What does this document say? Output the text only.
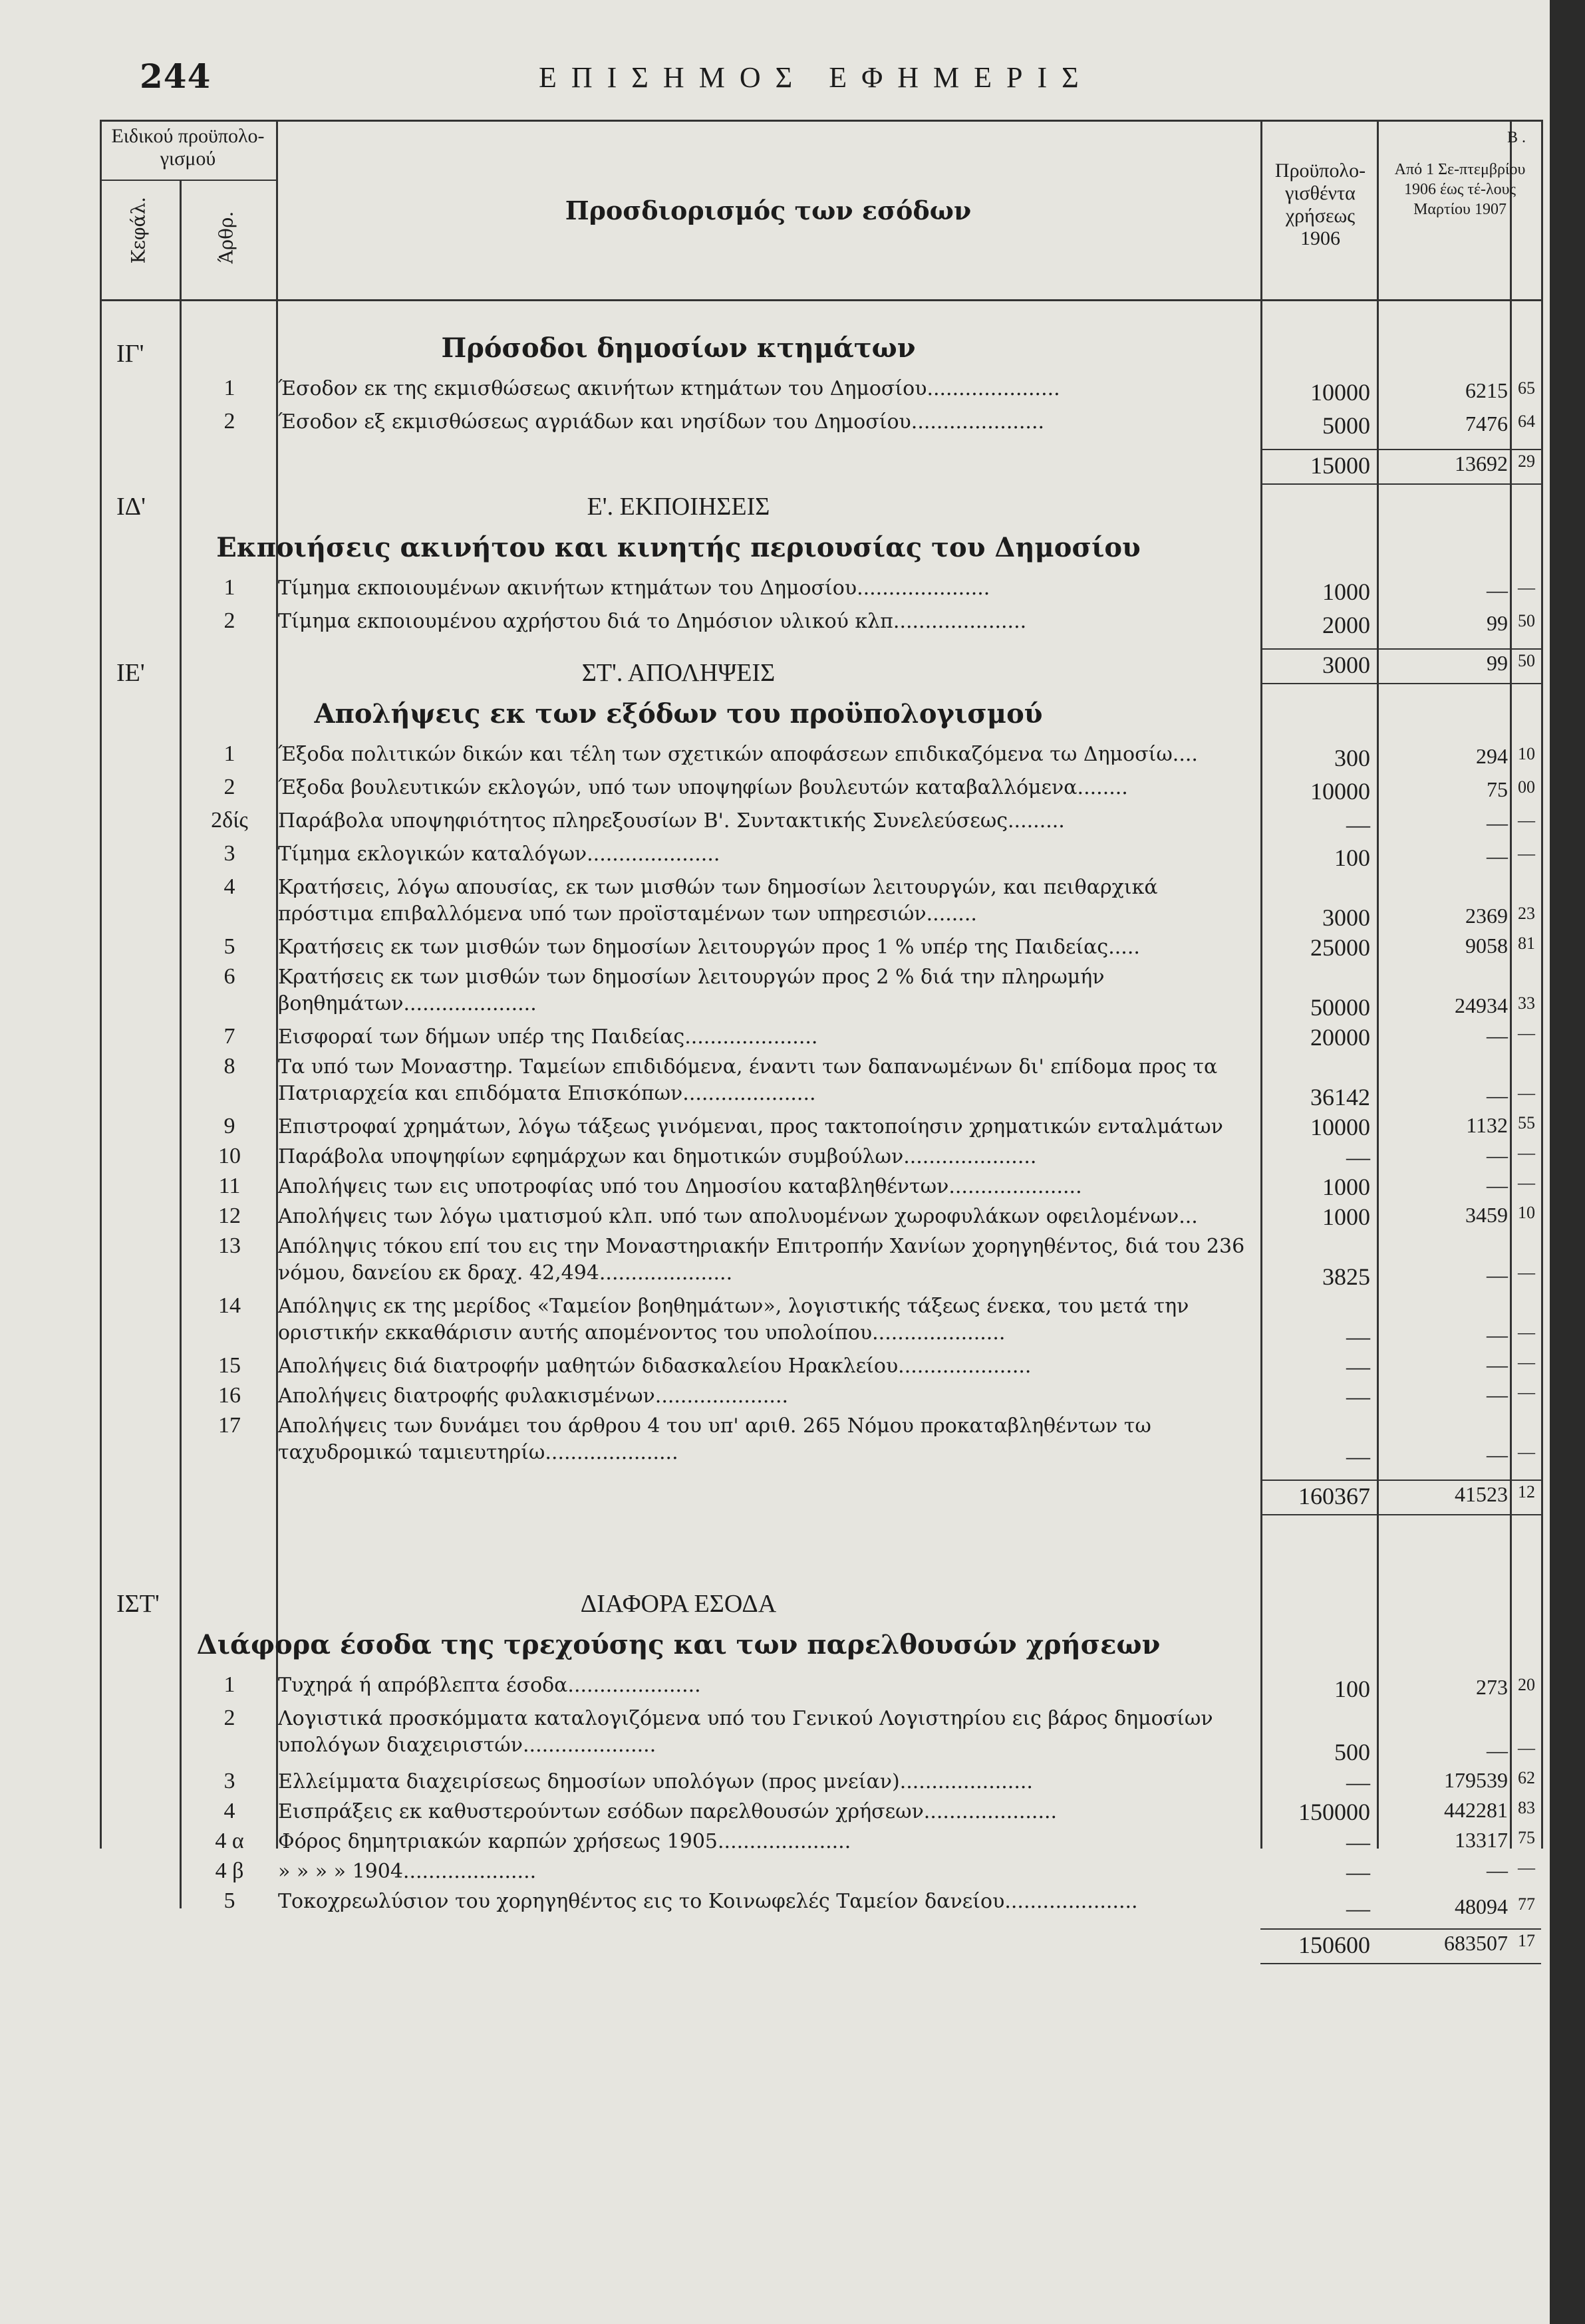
244	ΕΠΙΣΗΜΟΣ ΕΦΗΜΕΡΙΣ
Ειδικού προϋπολο-γισμού
Κεφάλ.	Άρθρ.
Προσδιορισμός των εσόδων
Προϋπολο-γισθέντα χρήσεως 1906
Β .
Από 1 Σε-πτεμβρίου 1906 έως τέ-λους Μαρτίου 1907
ΙΓ'	Πρόσοδοι δημοσίων κτημάτων
1	Έσοδον εκ της εκμισθώσεως ακινήτων κτημάτων του Δημοσίου.....................	10000	6215 65
2	Έσοδον εξ εκμισθώσεως αγριάδων και νησίδων του Δημοσίου.....................	5000	7476 64
15000	13692 29
ΙΔ'	Ε'. ΕΚΠΟΙΗΣΕΙΣ
Εκποιήσεις ακινήτου και κινητής περιουσίας του Δημοσίου
1	Τίμημα εκποιουμένων ακινήτων κτημάτων του Δημοσίου.....................	1000	— —
2	Τίμημα εκποιουμένου αχρήστου διά το Δημόσιον υλικού κλπ.....................	2000	99 50
3000	99 50
ΙΕ'	ΣΤ'. ΑΠΟΛΗΨΕΙΣ
Απολήψεις εκ των εξόδων του προϋπολογισμού
1	Έξοδα πολιτικών δικών και τέλη των σχετικών αποφάσεων επιδικαζόμενα τω Δημοσίω....	300	294 10
2	Έξοδα βουλευτικών εκλογών, υπό των υποψηφίων βουλευτών καταβαλλόμενα........	10000	75 00
2δίς	Παράβολα υποψηφιότητος πληρεξουσίων Β'. Συντακτικής Συνελεύσεως.........	—	— —
3	Τίμημα εκλογικών καταλόγων.....................	100	— —
4	Κρατήσεις, λόγω απουσίας, εκ των μισθών των δημοσίων λειτουργών, και πειθαρχικά πρόστιμα επιβαλλόμενα υπό των προϊσταμένων των υπηρεσιών........	3000	2369 23
5	Κρατήσεις εκ των μισθών των δημοσίων λειτουργών προς 1 % υπέρ της Παιδείας.....	25000	9058 81
6	Κρατήσεις εκ των μισθών των δημοσίων λειτουργών προς 2 % διά την πληρωμήν βοηθημάτων.....................	50000	24934 33
7	Εισφοραί των δήμων υπέρ της Παιδείας.....................	20000	— —
8	Τα υπό των Μοναστηρ. Ταμείων επιδιδόμενα, έναντι των δαπανωμένων δι' επίδομα προς τα Πατριαρχεία και επιδόματα Επισκόπων.....................	36142	— —
9	Επιστροφαί χρημάτων, λόγω τάξεως γινόμεναι, προς τακτοποίησιν χρηματικών ενταλμάτων	10000	1132 55
10	Παράβολα υποψηφίων εφημάρχων και δημοτικών συμβούλων.....................	—	— —
11	Απολήψεις των εις υποτροφίας υπό του Δημοσίου καταβληθέντων.....................	1000	— —
12	Απολήψεις των λόγω ιματισμού κλπ. υπό των απολυομένων χωροφυλάκων οφειλομένων...	1000	3459 10
13	Απόληψις τόκου επί του εις την Μοναστηριακήν Επιτροπήν Χανίων χορηγηθέντος, διά του 236 νόμου, δανείου εκ δραχ. 42,494.....................	3825	— —
14	Απόληψις εκ της μερίδος «Ταμείον βοηθημάτων», λογιστικής τάξεως ένεκα, του μετά την οριστικήν εκκαθάρισιν αυτής απομένοντος του υπολοίπου.....................	—	— —
15	Απολήψεις διά διατροφήν μαθητών διδασκαλείου Ηρακλείου.....................	—	— —
16	Απολήψεις διατροφής φυλακισμένων.....................	—	— —
17	Απολήψεις των δυνάμει του άρθρου 4 του υπ' αριθ. 265 Νόμου προκαταβληθέντων τω ταχυδρομικώ ταμιευτηρίω.....................	—	— —
160367	41523 12
ΙΣΤ'	ΔΙΑΦΟΡΑ ΕΣΟΔΑ
Διάφορα έσοδα της τρεχούσης και των παρελθουσών χρήσεων
1	Τυχηρά ή απρόβλεπτα έσοδα.....................	100	273 20
2	Λογιστικά προσκόμματα καταλογιζόμενα υπό του Γενικού Λογιστηρίου εις βάρος δημοσίων υπολόγων διαχειριστών.....................	500	— —
3	Ελλείμματα διαχειρίσεως δημοσίων υπολόγων (προς μνείαν).....................	—	179539 62
4	Εισπράξεις εκ καθυστερούντων εσόδων παρελθουσών χρήσεων.....................	150000	442281 83
4 α	Φόρος δημητριακών καρπών χρήσεως 1905.....................	—	13317 75
4 β	» » » » 1904.....................	—	— —
5	Τοκοχρεωλύσιον του χορηγηθέντος εις το Κοινωφελές Ταμείον δανείου.....................	—	48094 77
150600	683507 17
